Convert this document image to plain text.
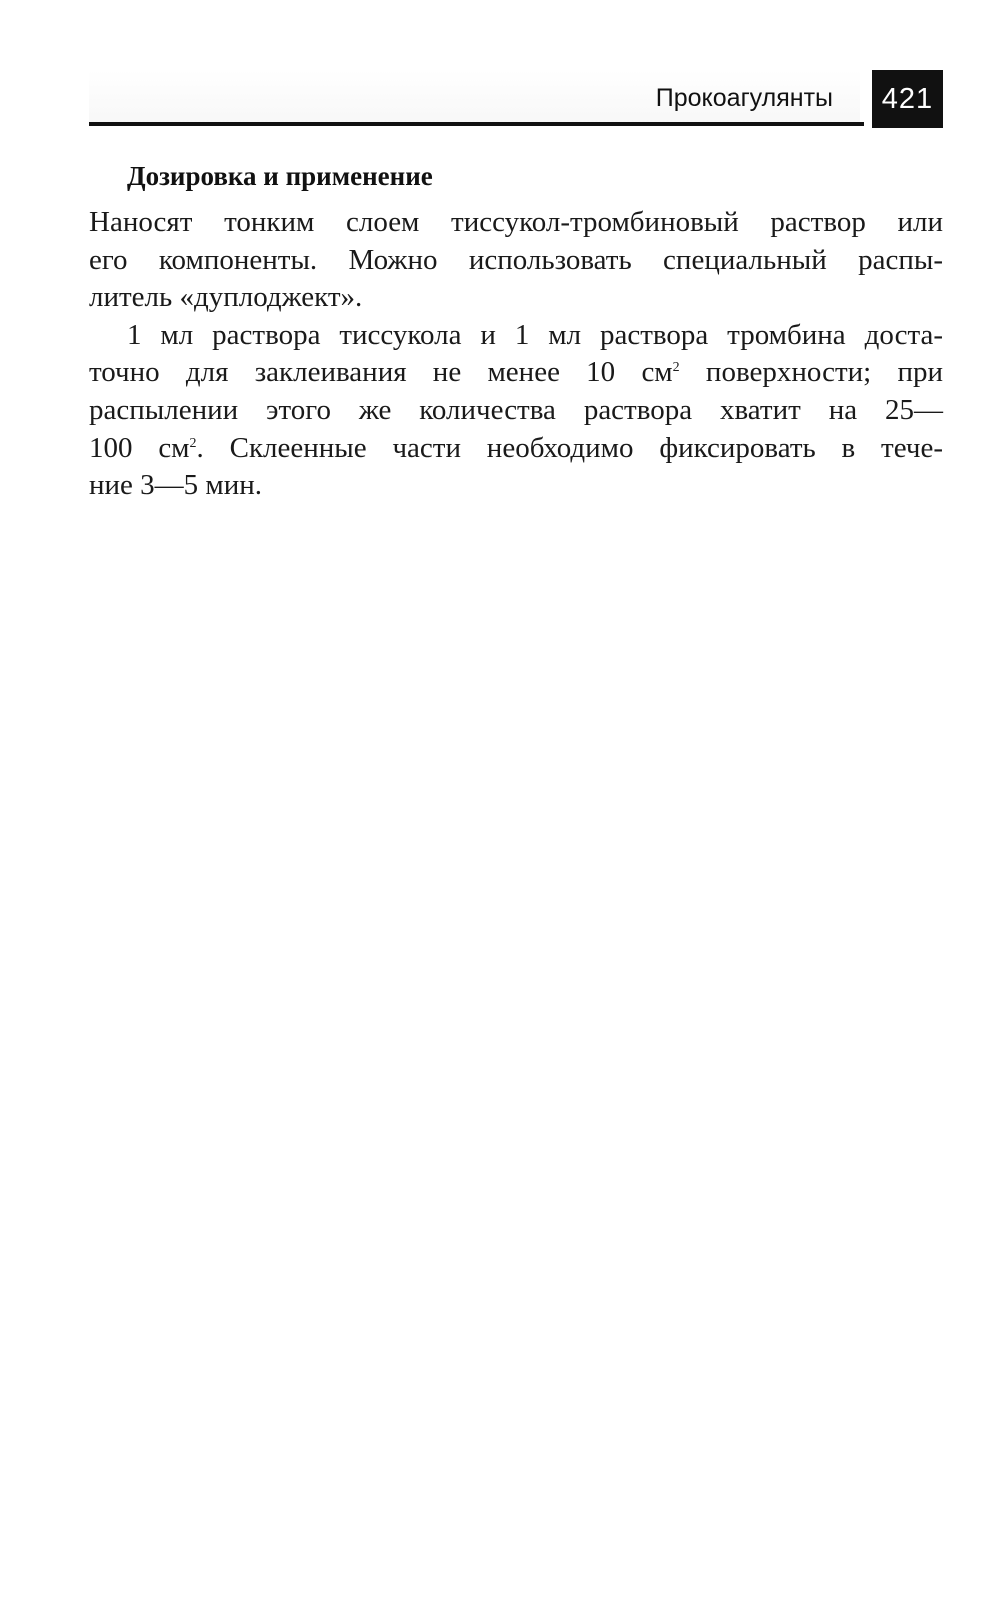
Прокоагулянты	421
Дозировка и применение

Наносят тонким слоем тиссукол-тромбиновый раствор или
его компоненты. Можно использовать специальный распы-
литель «дуплоджект».

1 мл раствора тиссукола и 1 мл раствора тромбина доста-
точно для заклеивания не менее 10 $см^2$ поверхности; при
распылении этого же количества раствора хватит на 25—
100 $см^2$. Склеенные части необходимо фиксировать в тече-
ние 3—5 мин.
